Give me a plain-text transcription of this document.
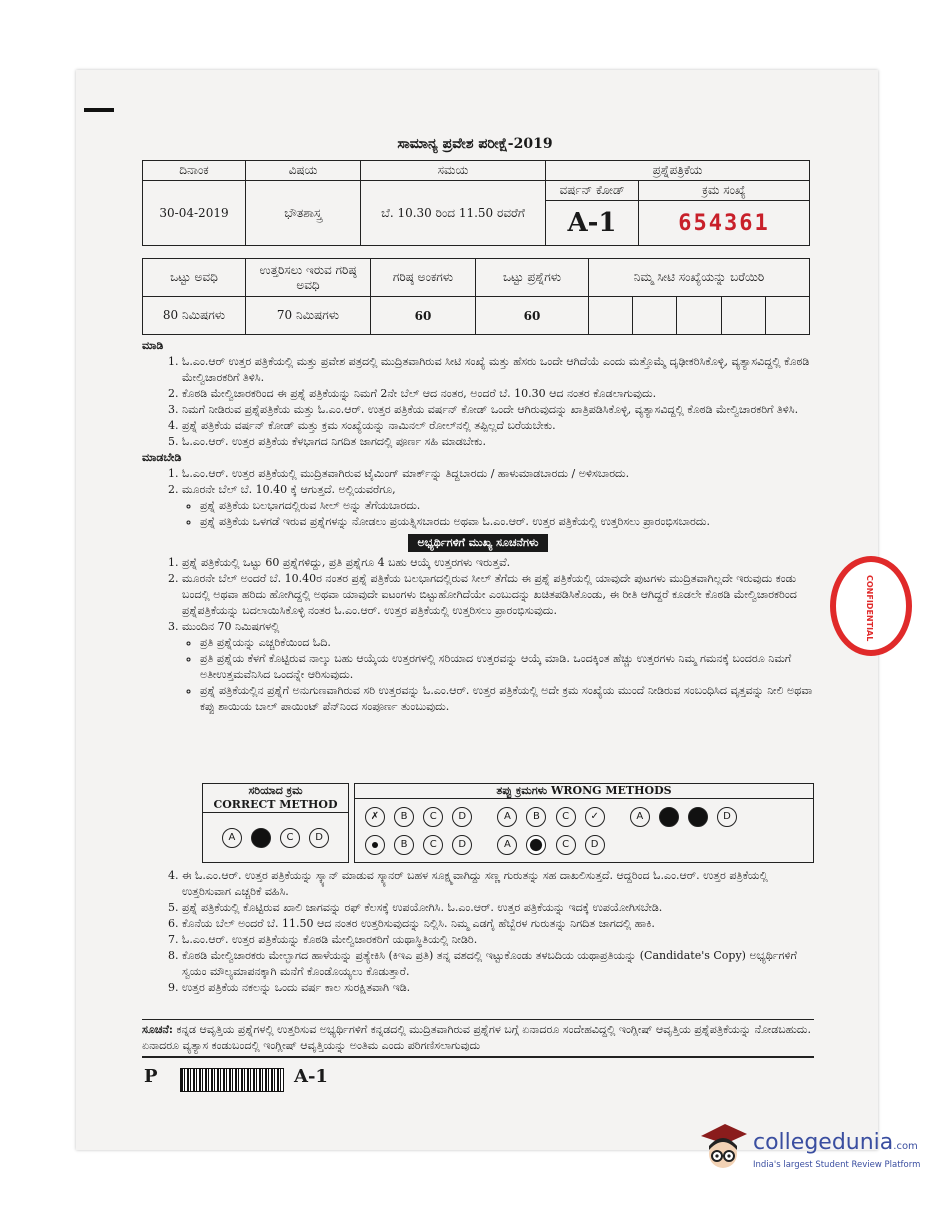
ಸಾಮಾನ್ಯ ಪ್ರವೇಶ ಪರೀಕ್ಷೆ-2019
ದಿನಾಂಕ	ವಿಷಯ	ಸಮಯ	ಪ್ರಶ್ನೆಪತ್ರಿಕೆಯ	
30-04-2019	ಭೌತಶಾಸ್ತ್ರ	ಬೆ. 10.30 ರಿಂದ 11.50 ರವರೆಗೆ	ವರ್ಷನ್ ಕೋಡ್	ಕ್ರಮ ಸಂಖ್ಯೆ
			A-1	654361
ಒಟ್ಟು ಅವಧಿ	ಉತ್ತರಿಸಲು ಇರುವ ಗರಿಷ್ಠ ಅವಧಿ	ಗರಿಷ್ಠ ಅಂಕಗಳು	ಒಟ್ಟು ಪ್ರಶ್ನೆಗಳು	ನಿಮ್ಮ ಸೀಟಿ ಸಂಖ್ಯೆಯನ್ನು ಬರೆಯಿರಿ				
80 ನಿಮಿಷಗಳು	70 ನಿಮಿಷಗಳು	60	60					
ಮಾಡಿ
1. ಓ.ಎಂ.ಆರ್ ಉತ್ತರ ಪತ್ರಿಕೆಯಲ್ಲಿ ಮತ್ತು ಪ್ರವೇಶ ಪತ್ರದಲ್ಲಿ ಮುದ್ರಿತವಾಗಿರುವ ಸೀಟಿ ಸಂಖ್ಯೆ ಮತ್ತು ಹೆಸರು ಒಂದೇ ಆಗಿದೆಯೆ ಎಂದು ಮತ್ತೊಮ್ಮೆ ದೃಢೀಕರಿಸಿಕೊಳ್ಳಿ, ವ್ಯತ್ಯಾಸವಿದ್ದಲ್ಲಿ ಕೊಠಡಿ ಮೇಲ್ವಿಚಾರಕರಿಗೆ ತಿಳಿಸಿ.
2. ಕೊಠಡಿ ಮೇಲ್ವಿಚಾರಕರಿಂದ ಈ ಪ್ರಶ್ನೆ ಪತ್ರಿಕೆಯನ್ನು ನಿಮಗೆ 2ನೇ ಬೆಲ್ ಆದ ನಂತರ, ಅಂದರೆ ಬೆ. 10.30 ಆದ ನಂತರ ಕೊಡಲಾಗುವುದು.
3. ನಿಮಗೆ ನೀಡಿರುವ ಪ್ರಶ್ನೆಪತ್ರಿಕೆಯ ಮತ್ತು ಓ.ಎಂ.ಆರ್. ಉತ್ತರ ಪತ್ರಿಕೆಯ ವರ್ಷನ್ ಕೋಡ್ ಒಂದೇ ಆಗಿರುವುದನ್ನು ಖಾತ್ರಿಪಡಿಸಿಕೊಳ್ಳಿ, ವ್ಯತ್ಯಾಸವಿದ್ದಲ್ಲಿ ಕೊಠಡಿ ಮೇಲ್ವಿಚಾರಕರಿಗೆ ತಿಳಿಸಿ.
4. ಪ್ರಶ್ನೆ ಪತ್ರಿಕೆಯ ವರ್ಷನ್ ಕೋಡ್ ಮತ್ತು ಕ್ರಮ ಸಂಖ್ಯೆಯನ್ನು ನಾಮಿನಲ್ ರೋಲ್‌ನಲ್ಲಿ ತಪ್ಪಿಲ್ಲದೆ ಬರೆಯಬೇಕು.
5. ಓ.ಎಂ.ಆರ್. ಉತ್ತರ ಪತ್ರಿಕೆಯ ಕೆಳಭಾಗದ ನಿಗದಿತ ಜಾಗದಲ್ಲಿ ಪೂರ್ಣ ಸಹಿ ಮಾಡಬೇಕು.
ಮಾಡಬೇಡಿ
1. ಓ.ಎಂ.ಆರ್. ಉತ್ತರ ಪತ್ರಿಕೆಯಲ್ಲಿ ಮುದ್ರಿತವಾಗಿರುವ ಟೈಮಿಂಗ್ ಮಾರ್ಕ್‌ನ್ನು ತಿದ್ದಬಾರದು / ಹಾಳುಮಾಡಬಾರದು / ಅಳಿಸಬಾರದು.
2. ಮೂರನೇ ಬೆಲ್ ಬೆ. 10.40 ಕ್ಕೆ ಆಗುತ್ತದೆ. ಅಲ್ಲಿಯವರೆಗೂ,
◦ ಪ್ರಶ್ನೆ ಪತ್ರಿಕೆಯ ಬಲಭಾಗದಲ್ಲಿರುವ ಸೀಲ್ ಅನ್ನು ತೆಗೆಯಬಾರದು.
◦ ಪ್ರಶ್ನೆ ಪತ್ರಿಕೆಯ ಒಳಗಡೆ ಇರುವ ಪ್ರಶ್ನೆಗಳನ್ನು ನೋಡಲು ಪ್ರಯತ್ನಿಸಬಾರದು ಅಥವಾ ಓ.ಎಂ.ಆರ್. ಉತ್ತರ ಪತ್ರಿಕೆಯಲ್ಲಿ ಉತ್ತರಿಸಲು ಪ್ರಾರಂಭಿಸಬಾರದು.
ಅಭ್ಯರ್ಥಿಗಳಿಗೆ ಮುಖ್ಯ ಸೂಚನೆಗಳು
1. ಪ್ರಶ್ನೆ ಪತ್ರಿಕೆಯಲ್ಲಿ ಒಟ್ಟು 60 ಪ್ರಶ್ನೆಗಳಿದ್ದು, ಪ್ರತಿ ಪ್ರಶ್ನೆಗೂ 4 ಬಹು ಆಯ್ಕೆ ಉತ್ತರಗಳು ಇರುತ್ತವೆ.
2. ಮೂರನೇ ಬೆಲ್ ಅಂದರೆ ಬೆ. 10.40ರ ನಂತರ ಪ್ರಶ್ನೆ ಪತ್ರಿಕೆಯ ಬಲಭಾಗದಲ್ಲಿರುವ ಸೀಲ್ ತೆಗೆದು ಈ ಪ್ರಶ್ನೆ ಪತ್ರಿಕೆಯಲ್ಲಿ ಯಾವುದೇ ಪುಟಗಳು ಮುದ್ರಿತವಾಗಿಲ್ಲದೇ ಇರುವುದು ಕಂಡು ಬಂದಲ್ಲಿ ಅಥವಾ ಹರಿದು ಹೋಗಿದ್ದಲ್ಲಿ ಅಥವಾ ಯಾವುದೇ ಐಟಂಗಳು ಬಿಟ್ಟುಹೋಗಿದೆಯೇ ಎಂಬುದನ್ನು ಖಚಿತಪಡಿಸಿಕೊಂಡು, ಈ ರೀತಿ ಆಗಿದ್ದರೆ ಕೂಡಲೇ ಕೊಠಡಿ ಮೇಲ್ವಿಚಾರಕರಿಂದ ಪ್ರಶ್ನೆಪತ್ರಿಕೆಯನ್ನು ಬದಲಾಯಿಸಿಕೊಳ್ಳಿ ನಂತರ ಓ.ಎಂ.ಆರ್. ಉತ್ತರ ಪತ್ರಿಕೆಯಲ್ಲಿ ಉತ್ತರಿಸಲು ಪ್ರಾರಂಭಿಸುವುದು.
3. ಮುಂದಿನ 70 ನಿಮಿಷಗಳಲ್ಲಿ
◦ ಪ್ರತಿ ಪ್ರಶ್ನೆಯನ್ನು ಎಚ್ಚರಿಕೆಯಿಂದ ಓದಿ.
◦ ಪ್ರತಿ ಪ್ರಶ್ನೆಯ ಕೆಳಗೆ ಕೊಟ್ಟಿರುವ ನಾಲ್ಕು ಬಹು ಆಯ್ಕೆಯ ಉತ್ತರಗಳಲ್ಲಿ ಸರಿಯಾದ ಉತ್ತರವನ್ನು ಆಯ್ಕೆ ಮಾಡಿ. ಒಂದಕ್ಕಿಂತ ಹೆಚ್ಚು ಉತ್ತರಗಳು ನಿಮ್ಮ ಗಮನಕ್ಕೆ ಬಂದರೂ ನಿಮಗೆ ಅತೀಉತ್ತಮವೆನಿಸಿದ ಒಂದನ್ನೇ ಆರಿಸುವುದು.
◦ ಪ್ರಶ್ನೆ ಪತ್ರಿಕೆಯಲ್ಲಿನ ಪ್ರಶ್ನೆಗೆ ಅನುಗುಣವಾಗಿರುವ ಸರಿ ಉತ್ತರವನ್ನು ಓ.ಎಂ.ಆರ್. ಉತ್ತರ ಪತ್ರಿಕೆಯಲ್ಲಿ ಅದೇ ಕ್ರಮ ಸಂಖ್ಯೆಯ ಮುಂದೆ ನೀಡಿರುವ ಸಂಬಂಧಿಸಿದ ವೃತ್ತವನ್ನು ನೀಲಿ ಅಥವಾ ಕಪ್ಪು ಶಾಯಿಯ ಬಾಲ್ ಪಾಯಿಂಟ್ ಪೆನ್‌ನಿಂದ ಸಂಪೂರ್ಣ ತುಂಬುವುದು.
ಸರಿಯಾದ ಕ್ರಮ
CORRECT METHOD
A	C D
ತಪ್ಪು ಕ್ರಮಗಳು WRONG METHODS
✗ B C D	A B C ✓	A	D
B C D	A	C D
4. ಈ ಓ.ಎಂ.ಆರ್. ಉತ್ತರ ಪತ್ರಿಕೆಯನ್ನು ಸ್ಕ್ಯಾನ್ ಮಾಡುವ ಸ್ಕ್ಯಾನರ್ ಬಹಳ ಸೂಕ್ಷ್ಮವಾಗಿದ್ದು ಸಣ್ಣ ಗುರುತನ್ನು ಸಹ ದಾಖಲಿಸುತ್ತದೆ. ಆದ್ದರಿಂದ ಓ.ಎಂ.ಆರ್. ಉತ್ತರ ಪತ್ರಿಕೆಯಲ್ಲಿ ಉತ್ತರಿಸುವಾಗ ಎಚ್ಚರಿಕೆ ವಹಿಸಿ.
5. ಪ್ರಶ್ನೆ ಪತ್ರಿಕೆಯಲ್ಲಿ ಕೊಟ್ಟಿರುವ ಖಾಲಿ ಜಾಗವನ್ನು ರಫ್ ಕೆಲಸಕ್ಕೆ ಉಪಯೋಗಿಸಿ. ಓ.ಎಂ.ಆರ್. ಉತ್ತರ ಪತ್ರಿಕೆಯನ್ನು ಇದಕ್ಕೆ ಉಪಯೋಗಿಸಬೇಡಿ.
6. ಕೊನೆಯ ಬೆಲ್ ಅಂದರೆ ಬೆ. 11.50 ಆದ ನಂತರ ಉತ್ತರಿಸುವುದನ್ನು ನಿಲ್ಲಿಸಿ. ನಿಮ್ಮ ಎಡಗೈ ಹೆಬ್ಬೆರಳ ಗುರುತನ್ನು ನಿಗದಿತ ಜಾಗದಲ್ಲಿ ಹಾಕಿ.
7. ಓ.ಎಂ.ಆರ್. ಉತ್ತರ ಪತ್ರಿಕೆಯನ್ನು ಕೊಠಡಿ ಮೇಲ್ವಿಚಾರಕರಿಗೆ ಯಥಾಸ್ಥಿತಿಯಲ್ಲಿ ನೀಡಿರಿ.
8. ಕೊಠಡಿ ಮೇಲ್ವಿಚಾರಕರು ಮೇಲ್ಭಾಗದ ಹಾಳೆಯನ್ನು ಪ್ರತ್ಯೇಕಿಸಿ (ಕಿಇಎ ಪ್ರತಿ) ತನ್ನ ವಶದಲ್ಲಿ ಇಟ್ಟುಕೊಂಡು ತಳಬದಿಯ ಯಥಾಪ್ರತಿಯನ್ನು (Candidate's Copy) ಅಭ್ಯರ್ಥಿಗಳಿಗೆ ಸ್ವಯಂ ಮೌಲ್ಯಮಾಪನಕ್ಕಾಗಿ ಮನೆಗೆ ಕೊಂಡೊಯ್ಯಲು ಕೊಡುತ್ತಾರೆ.
9. ಉತ್ತರ ಪತ್ರಿಕೆಯ ನಕಲನ್ನು ಒಂದು ವರ್ಷ ಕಾಲ ಸುರಕ್ಷಿತವಾಗಿ ಇಡಿ.
ಸೂಚನೆ: ಕನ್ನಡ ಆವೃತ್ತಿಯ ಪ್ರಶ್ನೆಗಳಲ್ಲಿ ಉತ್ತರಿಸುವ ಅಭ್ಯರ್ಥಿಗಳಿಗೆ ಕನ್ನಡದಲ್ಲಿ ಮುದ್ರಿತವಾಗಿರುವ ಪ್ರಶ್ನೆಗಳ ಬಗ್ಗೆ ಏನಾದರೂ ಸಂದೇಹವಿದ್ದಲ್ಲಿ ಇಂಗ್ಲೀಷ್ ಆವೃತ್ತಿಯ ಪ್ರಶ್ನೆಪತ್ರಿಕೆಯನ್ನು ನೋಡಬಹುದು. ಏನಾದರೂ ವ್ಯತ್ಯಾಸ ಕಂಡುಬಂದಲ್ಲಿ ಇಂಗ್ಲೀಷ್ ಆವೃತ್ತಿಯನ್ನು ಅಂತಿಮ ಎಂದು ಪರಿಗಣಿಸಲಾಗುವುದು
P	A-1
CONFIDENTIAL
collegedunia.com
India's largest Student Review Platform
